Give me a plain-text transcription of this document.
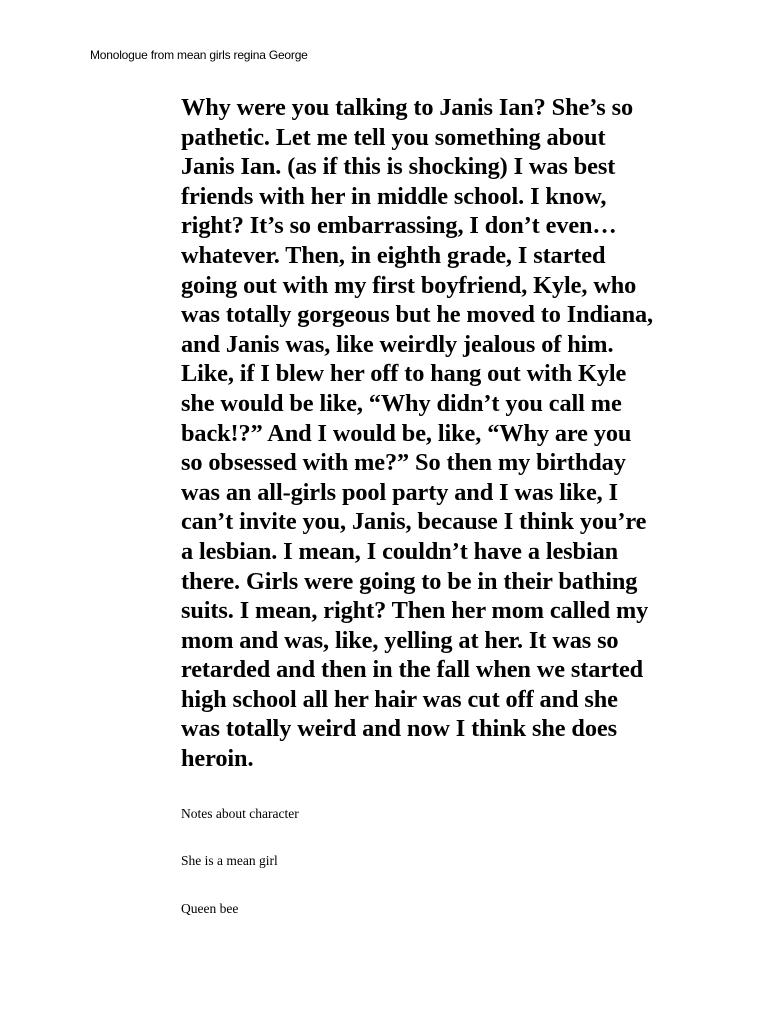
Monologue from mean girls regina George
Why were you talking to Janis Ian? She’s so
pathetic. Let me tell you something about
Janis Ian. (as if this is shocking) I was best
friends with her in middle school. I know,
right? It’s so embarrassing, I don’t even…
whatever. Then, in eighth grade, I started
going out with my first boyfriend, Kyle, who
was totally gorgeous but he moved to Indiana,
and Janis was, like weirdly jealous of him.
Like, if I blew her off to hang out with Kyle
she would be like, “Why didn’t you call me
back!?” And I would be, like, “Why are you
so obsessed with me?” So then my birthday
was an all-girls pool party and I was like, I
can’t invite you, Janis, because I think you’re
a lesbian. I mean, I couldn’t have a lesbian
there. Girls were going to be in their bathing
suits. I mean, right? Then her mom called my
mom and was, like, yelling at her. It was so
retarded and then in the fall when we started
high school all her hair was cut off and she
was totally weird and now I think she does
heroin.
Notes about character
She is a mean girl
Queen bee
